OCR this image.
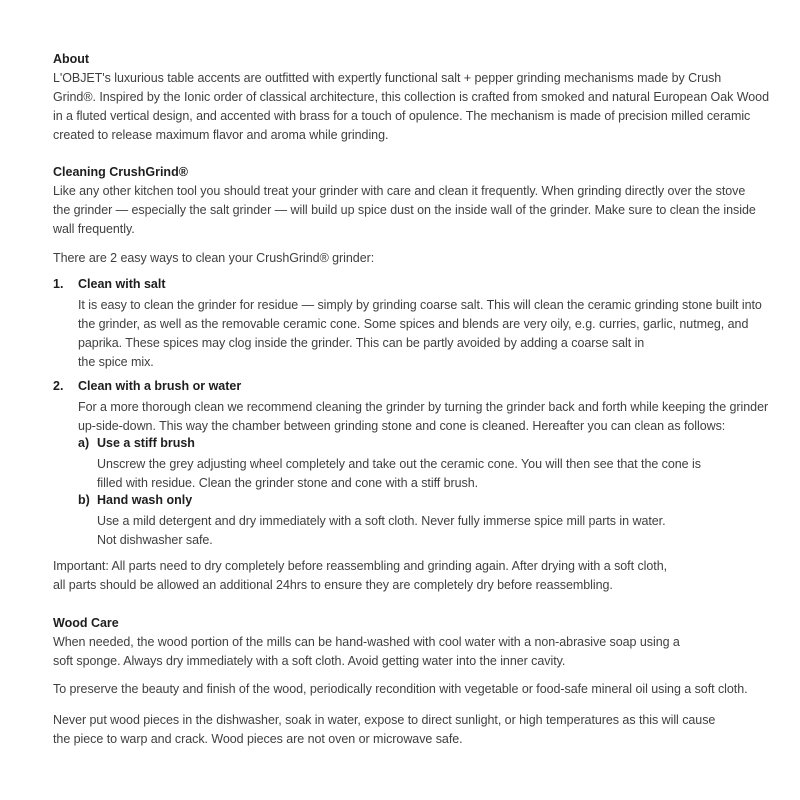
About
L'OBJET's luxurious table accents are outfitted with expertly functional salt + pepper grinding mechanisms made by Crush
Grind®. Inspired by the Ionic order of classical architecture, this collection is crafted from smoked and natural European Oak Wood
in a fluted vertical design, and accented with brass for a touch of opulence. The mechanism is made of precision milled ceramic
created to release maximum flavor and aroma while grinding.
Cleaning CrushGrind®
Like any other kitchen tool you should treat your grinder with care and clean it frequently. When grinding directly over the stove
the grinder — especially the salt grinder — will build up spice dust on the inside wall of the grinder. Make sure to clean the inside
wall frequently.
There are 2 easy ways to clean your CrushGrind® grinder:
1. Clean with salt
It is easy to clean the grinder for residue — simply by grinding coarse salt. This will clean the ceramic grinding stone built into
the grinder, as well as the removable ceramic cone. Some spices and blends are very oily, e.g. curries, garlic, nutmeg, and
paprika. These spices may clog inside the grinder. This can be partly avoided by adding a coarse salt in
the spice mix.
2. Clean with a brush or water
For a more thorough clean we recommend cleaning the grinder by turning the grinder back and forth while keeping the grinder
up-side-down. This way the chamber between grinding stone and cone is cleaned. Hereafter you can clean as follows:
a) Use a stiff brush
Unscrew the grey adjusting wheel completely and take out the ceramic cone. You will then see that the cone is
filled with residue. Clean the grinder stone and cone with a stiff brush.
b) Hand wash only
Use a mild detergent and dry immediately with a soft cloth. Never fully immerse spice mill parts in water.
Not dishwasher safe.
Important: All parts need to dry completely before reassembling and grinding again. After drying with a soft cloth,
all parts should be allowed an additional 24hrs to ensure they are completely dry before reassembling.
Wood Care
When needed, the wood portion of the mills can be hand-washed with cool water with a non-abrasive soap using a
soft sponge. Always dry immediately with a soft cloth. Avoid getting water into the inner cavity.
To preserve the beauty and finish of the wood, periodically recondition with vegetable or food-safe mineral oil using a soft cloth.
Never put wood pieces in the dishwasher, soak in water, expose to direct sunlight, or high temperatures as this will cause
the piece to warp and crack. Wood pieces are not oven or microwave safe.
